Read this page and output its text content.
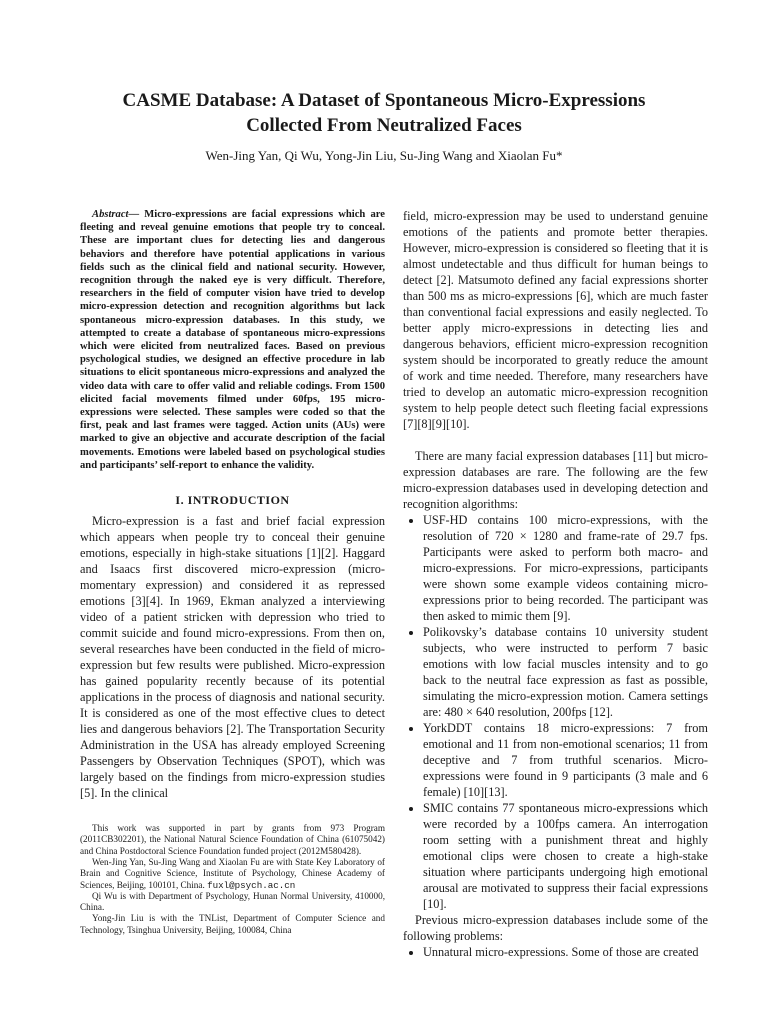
CASME Database: A Dataset of Spontaneous Micro-Expressions
Collected From Neutralized Faces

Wen-Jing Yan, Qi Wu, Yong-Jin Liu, Su-Jing Wang and Xiaolan Fu*

Abstract— Micro-expressions are facial expressions which are fleeting and reveal genuine emotions that people try to conceal. These are important clues for detecting lies and dangerous behaviors and therefore have potential applications in various fields such as the clinical field and national security. However, recognition through the naked eye is very difficult. Therefore, researchers in the field of computer vision have tried to develop micro-expression detection and recognition algorithms but lack spontaneous micro-expression databases. In this study, we attempted to create a database of spontaneous micro-expressions which were elicited from neutralized faces. Based on previous psychological studies, we designed an effective procedure in lab situations to elicit spontaneous micro-expressions and analyzed the video data with care to offer valid and reliable codings. From 1500 elicited facial movements filmed under 60fps, 195 micro-expressions were selected. These samples were coded so that the first, peak and last frames were tagged. Action units (AUs) were marked to give an objective and accurate description of the facial movements. Emotions were labeled based on psychological studies and participants’ self-report to enhance the validity.

I. INTRODUCTION

Micro-expression is a fast and brief facial expression which appears when people try to conceal their genuine emotions, especially in high-stake situations [1][2]. Haggard and Isaacs first discovered micro-expression (micro-momentary expression) and considered it as repressed emotions [3][4]. In 1969, Ekman analyzed a interviewing video of a patient stricken with depression who tried to commit suicide and found micro-expressions. From then on, several researches have been conducted in the field of micro-expression but few results were published. Micro-expression has gained popularity recently because of its potential applications in the process of diagnosis and national security. It is considered as one of the most effective clues to detect lies and dangerous behaviors [2]. The Transportation Security Administration in the USA has already employed Screening Passengers by Observation Techniques (SPOT), which was largely based on the findings from micro-expression studies [5]. In the clinical

This work was supported in part by grants from 973 Program (2011CB302201), the National Natural Science Foundation of China (61075042) and China Postdoctoral Science Foundation funded project (2012M580428).

Wen-Jing Yan, Su-Jing Wang and Xiaolan Fu are with State Key Laboratory of Brain and Cognitive Science, Institute of Psychology, Chinese Academy of Sciences, Beijing, 100101, China. fuxl@psych.ac.cn

Qi Wu is with Department of Psychology, Hunan Normal University, 410000, China.

Yong-Jin Liu is with the TNList, Department of Computer Science and Technology, Tsinghua University, Beijing, 100084, China

field, micro-expression may be used to understand genuine emotions of the patients and promote better therapies. However, micro-expression is considered so fleeting that it is almost undetectable and thus difficult for human beings to detect [2]. Matsumoto defined any facial expressions shorter than 500 ms as micro-expressions [6], which are much faster than conventional facial expressions and easily neglected. To better apply micro-expressions in detecting lies and dangerous behaviors, efficient micro-expression recognition system should be incorporated to greatly reduce the amount of work and time needed. Therefore, many researchers have tried to develop an automatic micro-expression recognition system to help people detect such fleeting facial expressions [7][8][9][10].

There are many facial expression databases [11] but micro-expression databases are rare. The following are the few micro-expression databases used in developing detection and recognition algorithms:

• USF-HD contains 100 micro-expressions, with the resolution of 720 × 1280 and frame-rate of 29.7 fps. Participants were asked to perform both macro- and micro-expressions. For micro-expressions, participants were shown some example videos containing micro-expressions prior to being recorded. The participant was then asked to mimic them [9].
• Polikovsky’s database contains 10 university student subjects, who were instructed to perform 7 basic emotions with low facial muscles intensity and to go back to the neutral face expression as fast as possible, simulating the micro-expression motion. Camera settings are: 480 × 640 resolution, 200fps [12].
• YorkDDT contains 18 micro-expressions: 7 from emotional and 11 from non-emotional scenarios; 11 from deceptive and 7 from truthful scenarios. Micro-expressions were found in 9 participants (3 male and 6 female) [10][13].
• SMIC contains 77 spontaneous micro-expressions which were recorded by a 100fps camera. An interrogation room setting with a punishment threat and highly emotional clips were chosen to create a high-stake situation where participants undergoing high emotional arousal are motivated to suppress their facial expressions [10].

Previous micro-expression databases include some of the following problems:

• Unnatural micro-expressions. Some of those are created
